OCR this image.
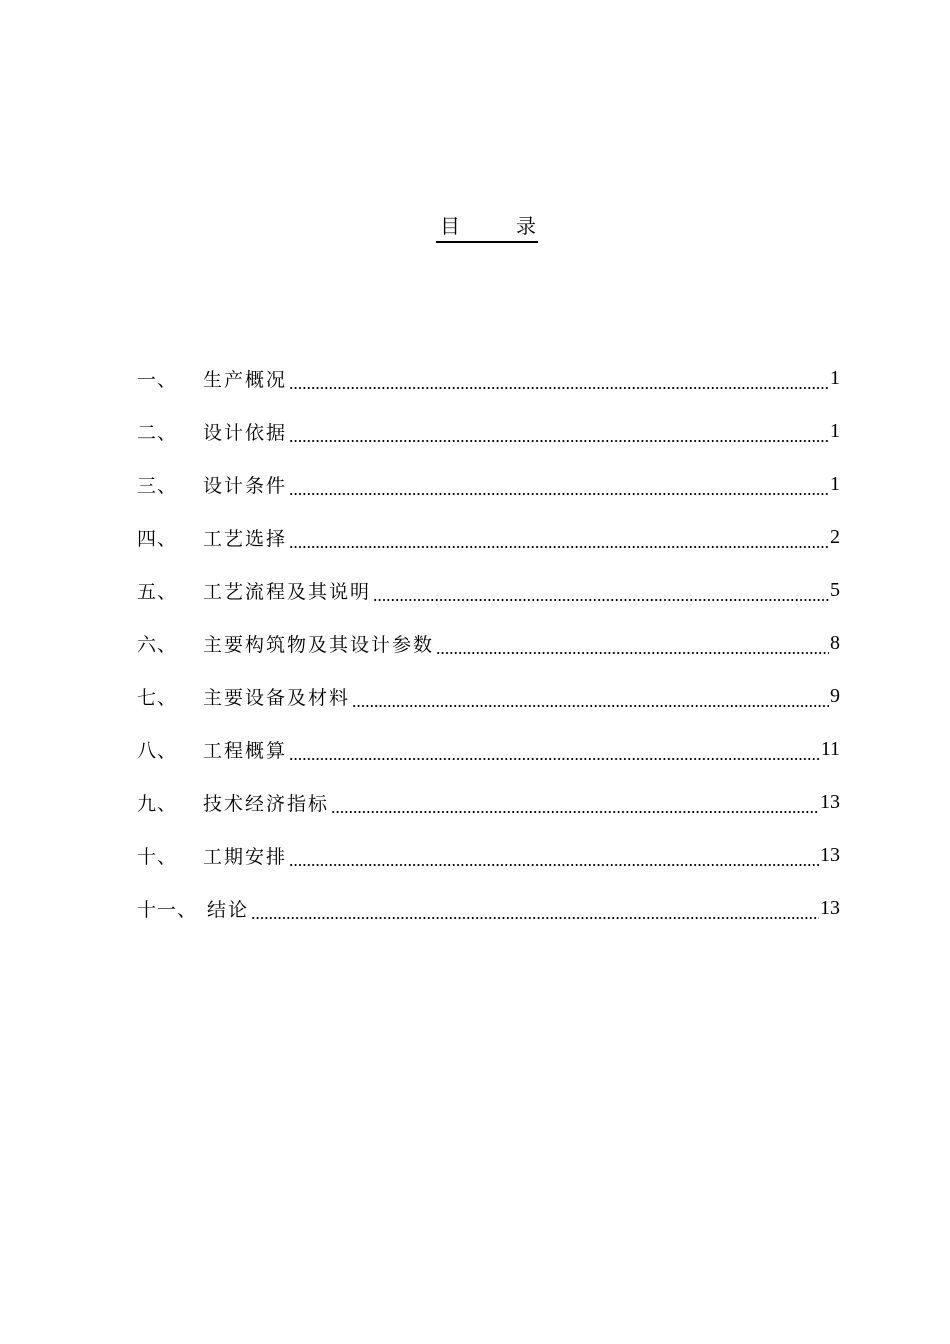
目	录
一、	生产概况	1
二、	设计依据	1
三、	设计条件	1
四、	工艺选择	2
五、	工艺流程及其说明	5
六、	主要构筑物及其设计参数	8
七、	主要设备及材料	9
八、	工程概算	11
九、	技术经济指标	13
十、	工期安排	13
十一、 结论	13
